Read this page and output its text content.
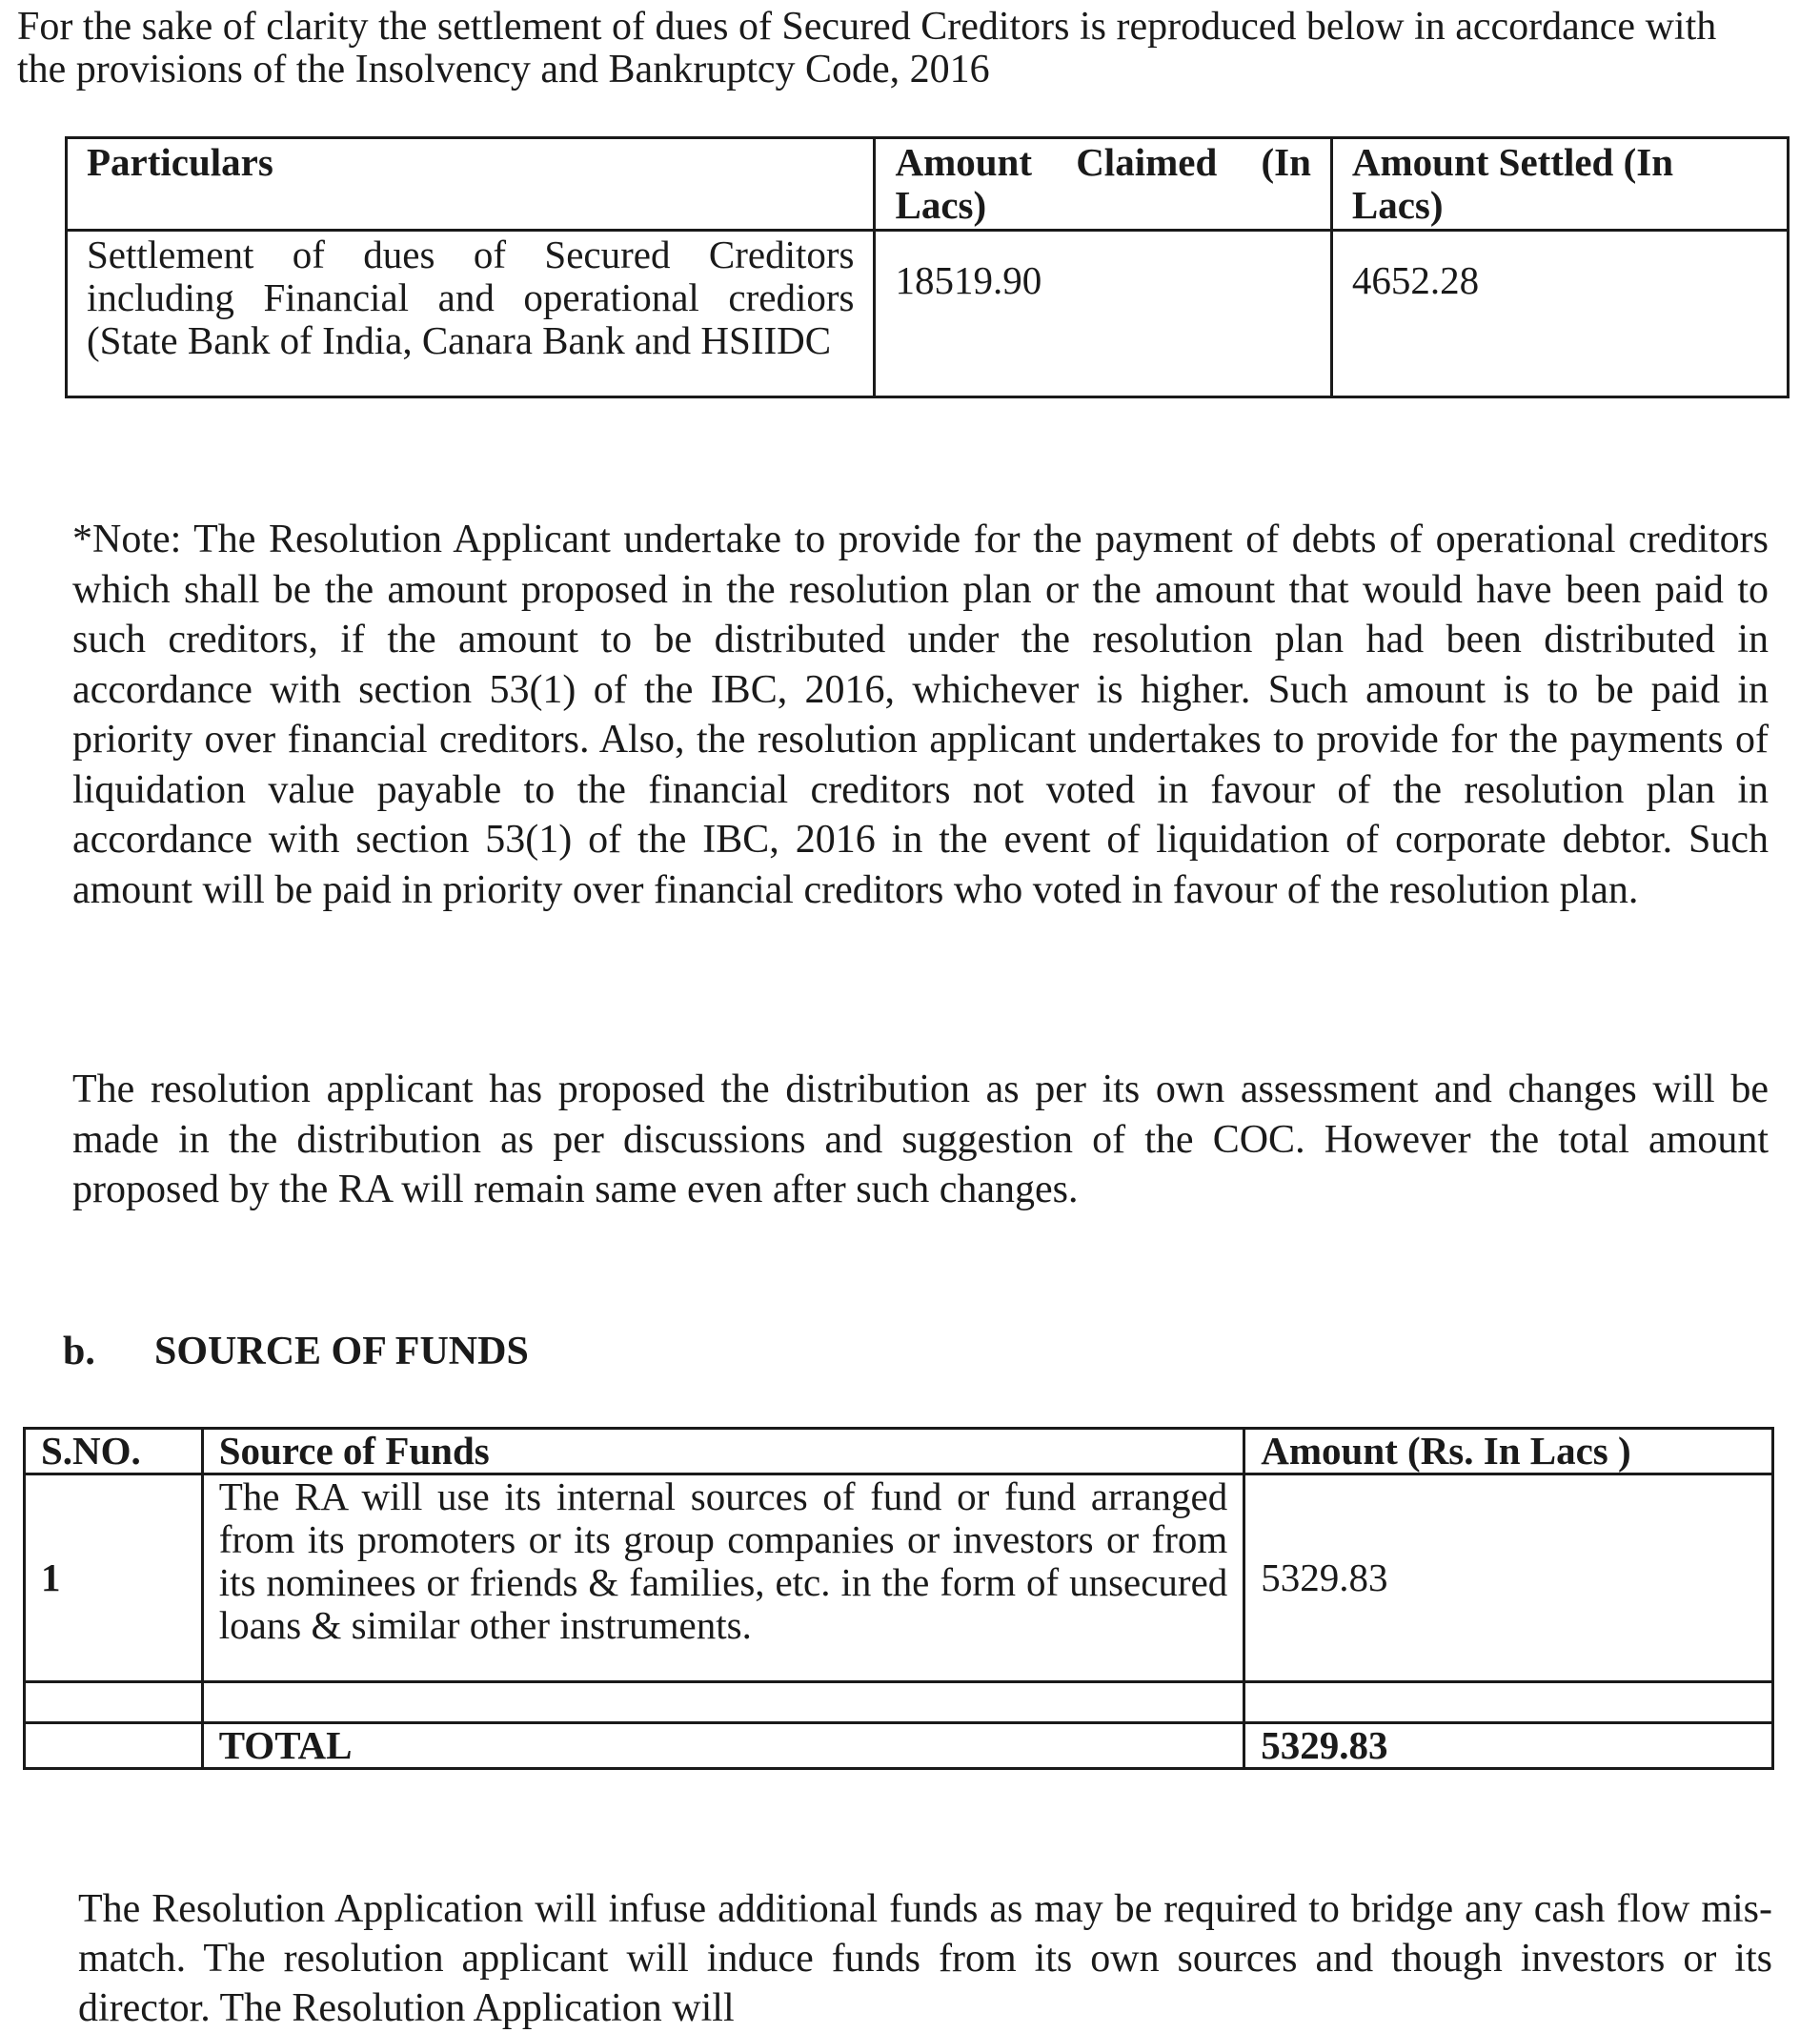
For the sake of clarity the settlement of dues of Secured Creditors is reproduced below in accordance with the provisions of the Insolvency and Bankruptcy Code, 2016

Particulars	Amount Claimed (In Lacs)	Amount Settled (In Lacs)
Settlement of dues of Secured Creditors including Financial and operational crediors (State Bank of India, Canara Bank and HSIIDC	18519.90	4652.28

*Note: The Resolution Applicant undertake to provide for the payment of debts of operational creditors which shall be the amount proposed in the resolution plan or the amount that would have been paid to such creditors, if the amount to be distributed under the resolution plan had been distributed in accordance with section 53(1) of the IBC, 2016, whichever is higher. Such amount is to be paid in priority over financial creditors. Also, the resolution applicant undertakes to provide for the payments of liquidation value payable to the financial creditors not voted in favour of the resolution plan in accordance with section 53(1) of the IBC, 2016 in the event of liquidation of corporate debtor. Such amount will be paid in priority over financial creditors who voted in favour of the resolution plan.

The resolution applicant has proposed the distribution as per its own assessment and changes will be made in the distribution as per discussions and suggestion of the COC. However the total amount proposed by the RA will remain same even after such changes.

b. SOURCE OF FUNDS
S.NO.	Source of Funds	Amount (Rs. In Lacs )
1	The RA will use its internal sources of fund or fund arranged from its promoters or its group companies or investors or from its nominees or friends & families, etc. in the form of unsecured loans & similar other instruments.	5329.83

	TOTAL	5329.83

The Resolution Application will infuse additional funds as may be required to bridge any cash flow mis-match. The resolution applicant will induce funds from its own sources and though investors or its director. The Resolution Application will
